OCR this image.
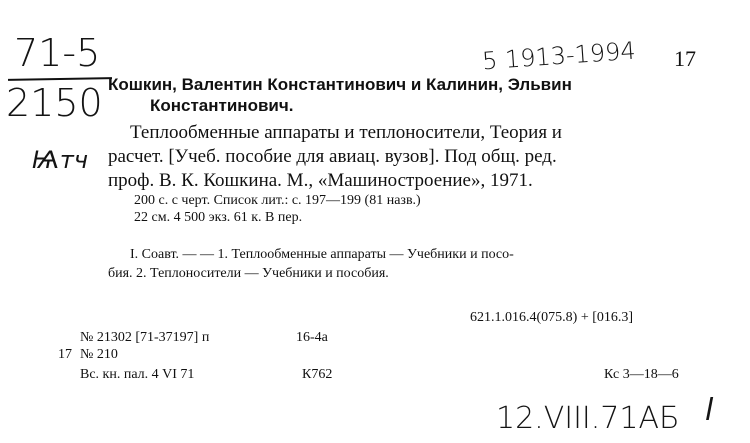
71-5
2150
Ѩтч
5 1913-1994 17
Кошкин, Валентин Константинович и Калинин, Эльвин
Константинович.
Теплообменные аппараты и теплоносители, Теория и
расчет. [Учеб. пособие для авиац. вузов]. Под общ. ред.
проф. В. К. Кошкина. М., «Машиностроение», 1971.
200 с. с черт. Список лит.: с. 197—199 (81 назв.)
22 см. 4 500 экз. 61 к. В пер.
I. Соавт. — — 1. Теплообменные аппараты — Учебники и посо-
бия. 2. Теплоносители — Учебники и пособия.
621.1.016.4(075.8) + [016.3]
№ 21302 [71-37197] п	16-4а
17 № 210
Вс. кн. пал. 4 VI 71	К762	Кс 3—18—6
12.VIII.71АБ l
